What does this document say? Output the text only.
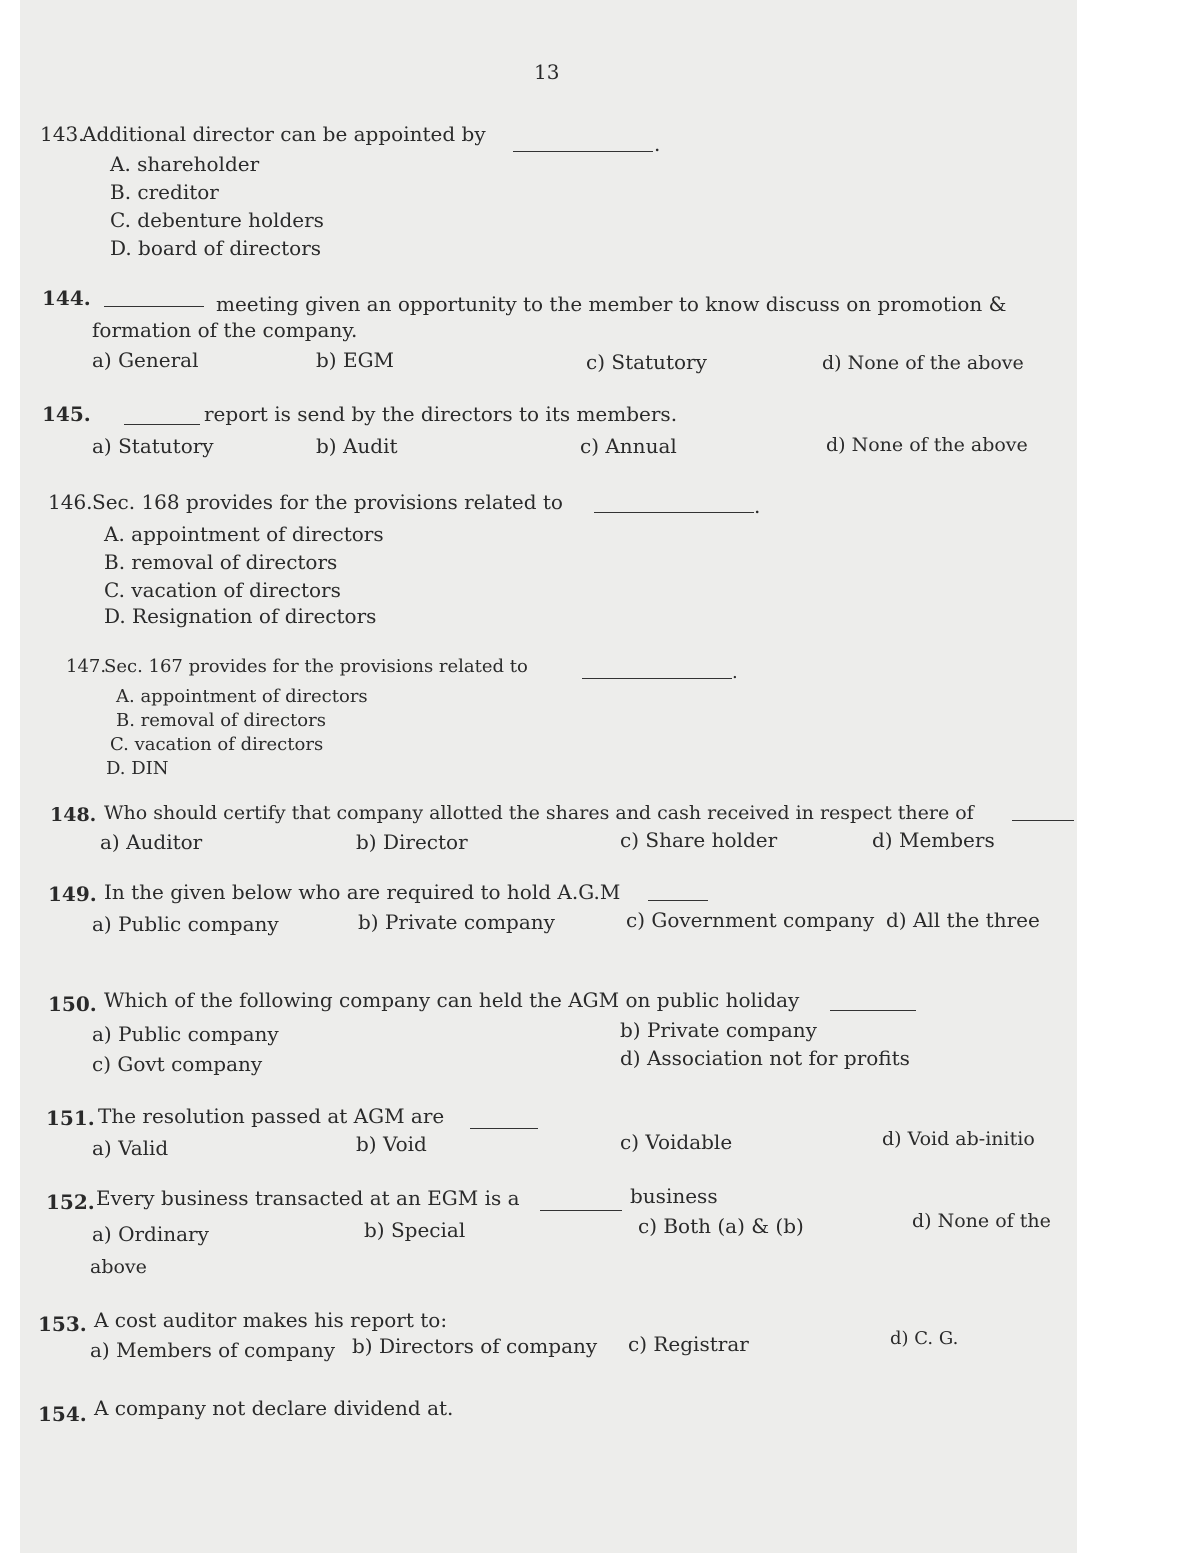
13
143.
Additional director can be appointed by	.
A. shareholder
B. creditor
C. debenture holders
D. board of directors
144.	meeting given an opportunity to the member to know discuss on promotion &
formation of the company.
a) General	b) EGM	c) Statutory	d) None of the above
145.	report is send by the directors to its members.
a) Statutory	b) Audit	c) Annual	d) None of the above
146. Sec. 168 provides for the provisions related to	.
A. appointment of directors
B. removal of directors
C. vacation of directors
D. Resignation of directors
147.
Sec. 167 provides for the provisions related to	.
A. appointment of directors
B. removal of directors
C. vacation of directors
D. DIN
148. Who should certify that company allotted the shares and cash received in respect there of
a) Auditor	b) Director	c) Share holder	d) Members
149. In the given below who are required to hold A.G.M
a) Public company	b) Private company	c) Government company d) All the three
150. Which of the following company can held the AGM on public holiday
a) Public company	b) Private company
c) Govt company	d) Association not for profits
151. The resolution passed at AGM are
a) Valid	b) Void	c) Voidable	d) Void ab-initio
152. Every business transacted at an EGM is a	business
a) Ordinary	b) Special	c) Both (a) & (b)	d) None of the
above
153. A cost auditor makes his report to:
a) Members of company b) Directors of company c) Registrar	d) C. G.
154. A company not declare dividend at.
